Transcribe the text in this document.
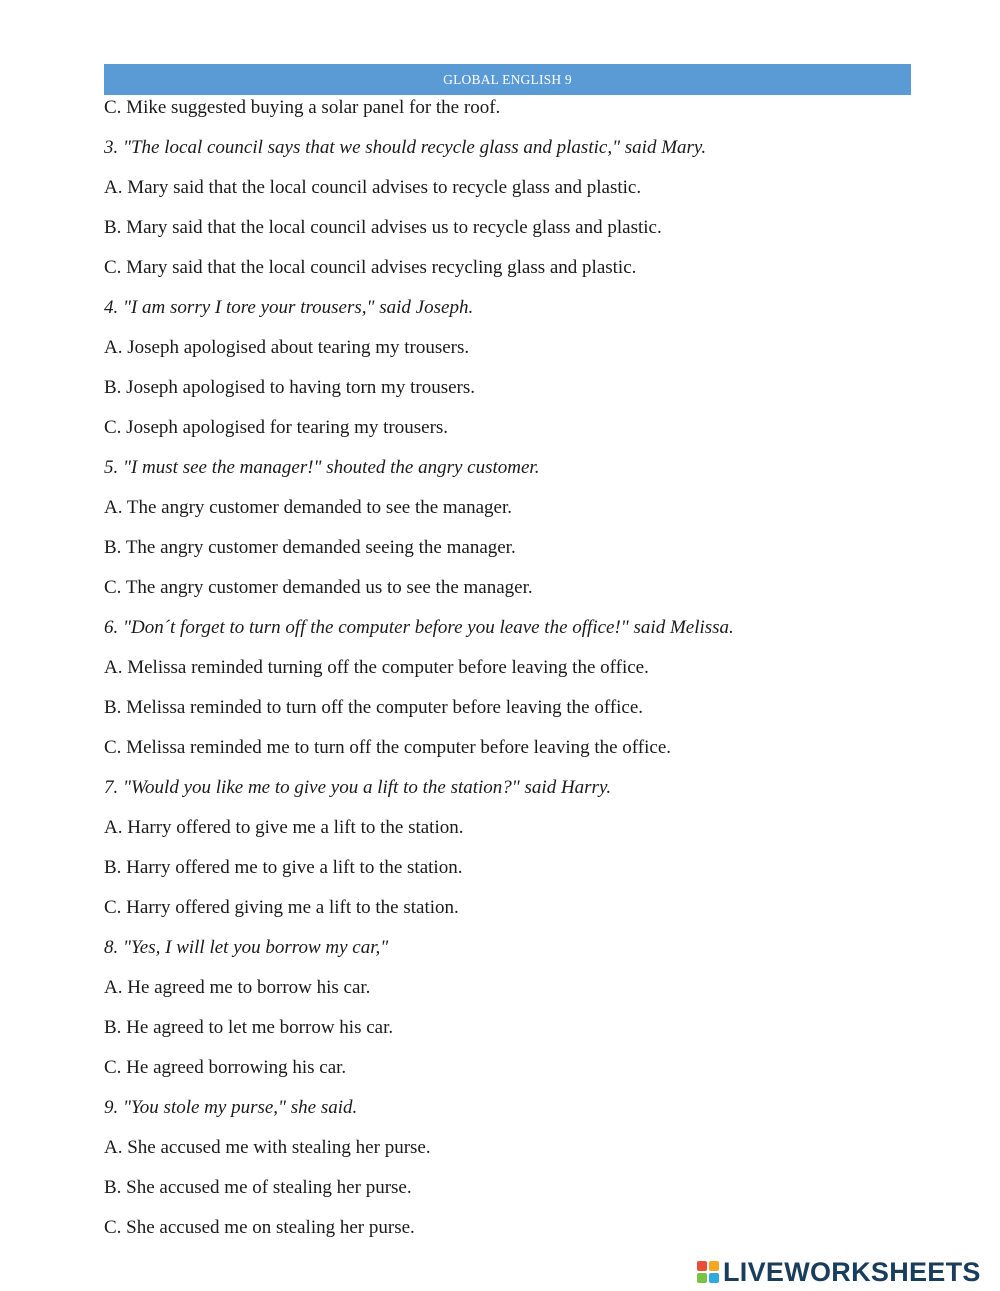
GLOBAL ENGLISH 9
C. Mike suggested buying a solar panel for the roof.
3. "The local council says that we should recycle glass and plastic," said Mary.
A. Mary said that the local council advises to recycle glass and plastic.
B. Mary said that the local council advises us to recycle glass and plastic.
C. Mary said that the local council advises recycling glass and plastic.
4. "I am sorry I tore your trousers," said Joseph.
A. Joseph apologised about tearing my trousers.
B. Joseph apologised to having torn my trousers.
C. Joseph apologised for tearing my trousers.
5. "I must see the manager!" shouted the angry customer.
A. The angry customer demanded to see the manager.
B. The angry customer demanded seeing the manager.
C. The angry customer demanded us to see the manager.
6. "Don´t forget to turn off the computer before you leave the office!" said Melissa.
A. Melissa reminded turning off the computer before leaving the office.
B. Melissa reminded to turn off the computer before leaving the office.
C. Melissa reminded me to turn off the computer before leaving the office.
7. "Would you like me to give you a lift to the station?" said Harry.
A. Harry offered to give me a lift to the station.
B. Harry offered me to give a lift to the station.
C. Harry offered giving me a lift to the station.
8. "Yes, I will let you borrow my car,"
A. He agreed me to borrow his car.
B. He agreed to let me borrow his car.
C. He agreed borrowing his car.
9. "You stole my purse," she said.
A. She accused me with stealing her purse.
B. She accused me of stealing her purse.
C. She accused me on stealing her purse.
LIVEWORKSHEETS
